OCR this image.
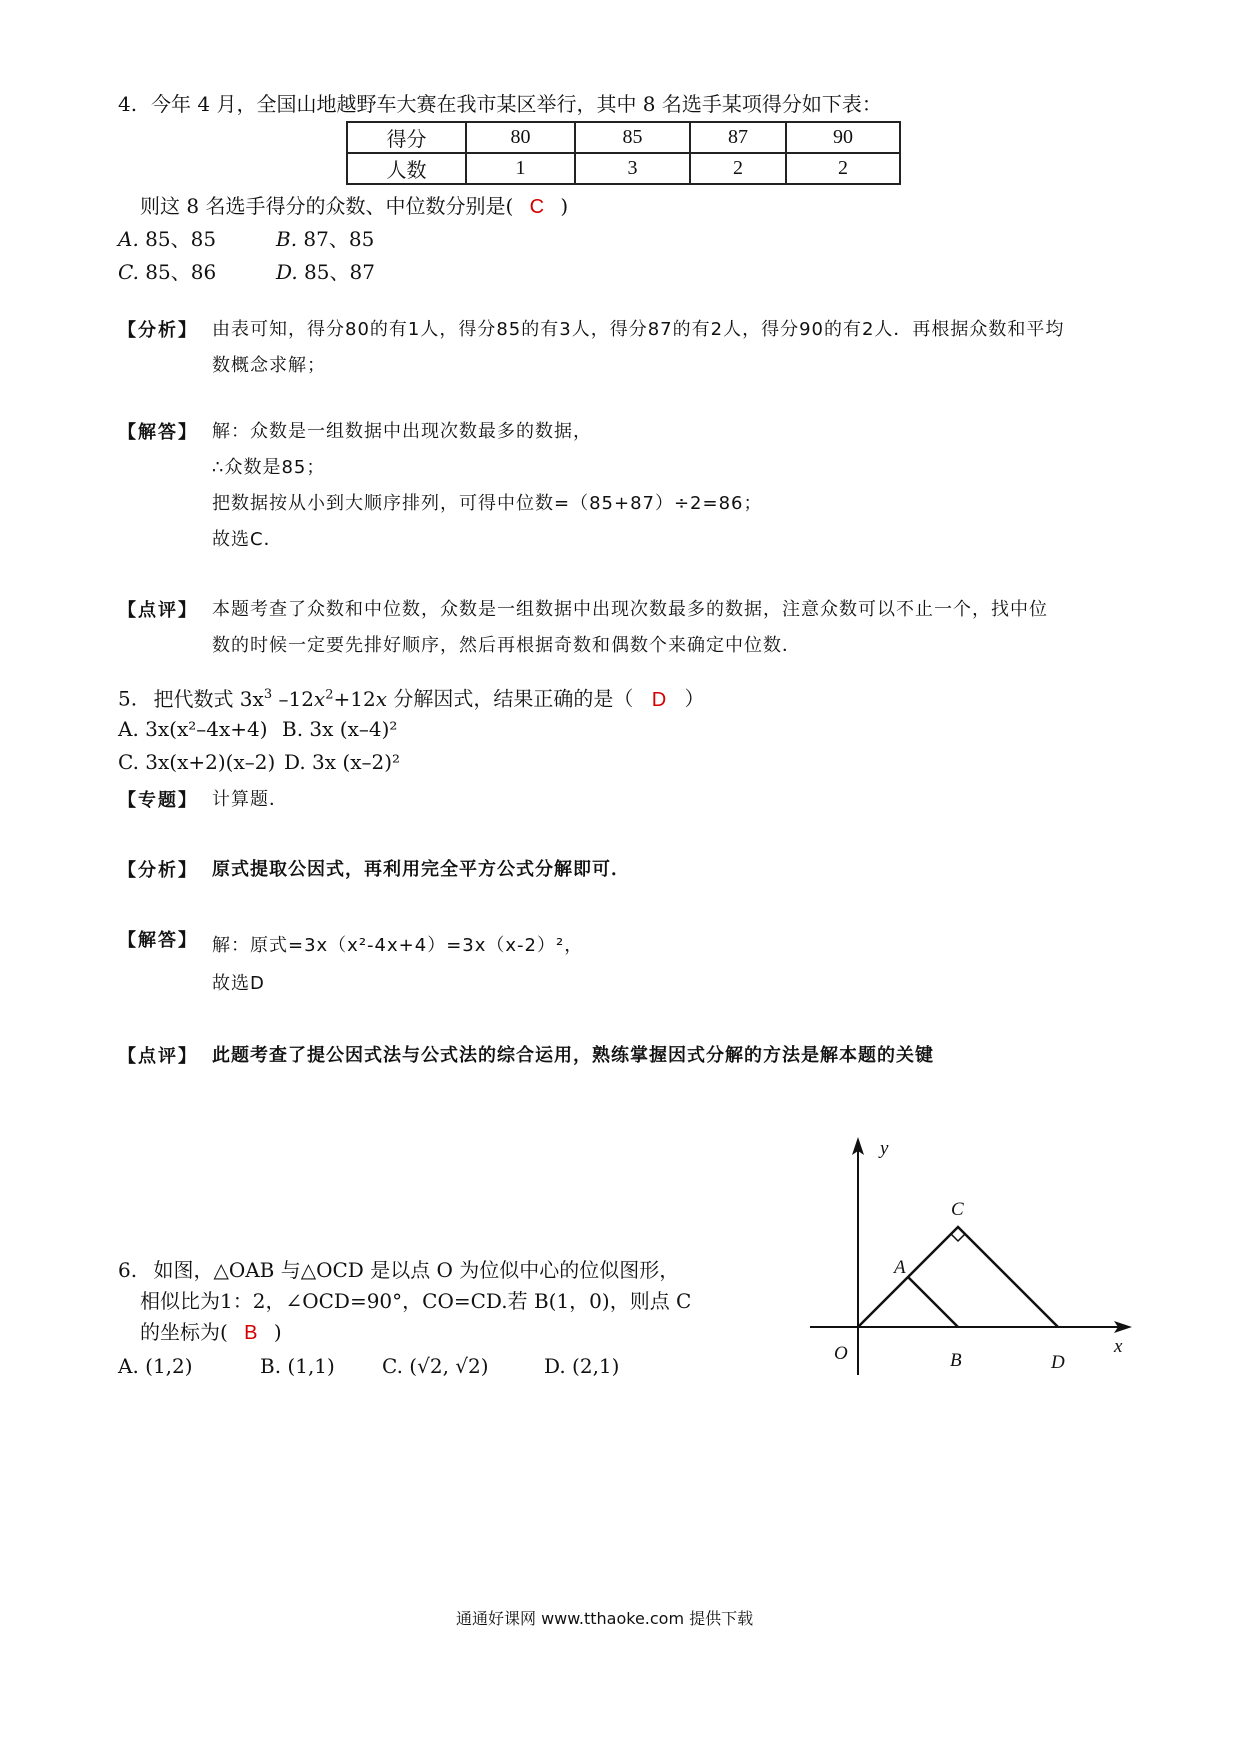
4. 今年 4 月，全国山地越野车大赛在我市某区举行，其中 8 名选手某项得分如下表：
得分	80	85	87	90
人数	1	3	2	2
则这 8 名选手得分的众数、中位数分别是( C )
A. 85、85	B. 87、85
C. 85、86	D. 85、87
【分析】 由表可知，得分80的有1人，得分85的有3人，得分87的有2人，得分90的有2人．再根据众数和平均
数概念求解；
【解答】 解：众数是一组数据中出现次数最多的数据，
∴众数是85；
把数据按从小到大顺序排列，可得中位数=（85+87）÷2=86；
故选C．
【点评】 本题考查了众数和中位数，众数是一组数据中出现次数最多的数据，注意众数可以不止一个，找中位
数的时候一定要先排好顺序，然后再根据奇数和偶数个来确定中位数．
5. 把代数式 $3x^3$ $-12x^2+12x$ 分解因式，结果正确的是（ D ）
A. 3x(x²–4x+4) B. 3x (x–4)²
C. 3x(x+2)(x–2) D. 3x (x–2)²
【专题】 计算题．
【分析】 原式提取公因式，再利用完全平方公式分解即可．
【解答】 解：原式=3x（x²-4x+4）=3x（x-2）²，
故选D
【点评】 此题考查了提公因式法与公式法的综合运用，熟练掌握因式分解的方法是解本题的关键
6. 如图，△OAB 与△OCD 是以点 O 为位似中心的位似图形，
相似比为1：2，∠OCD=90°，CO=CD.若 B(1，0)，则点 C
的坐标为( B )
A. (1,2)	B. (1,1) C. (√2, √2)	D. (2,1)
y
x
O
A
B
C
D
通通好课网 www.tthaoke.com 提供下载
